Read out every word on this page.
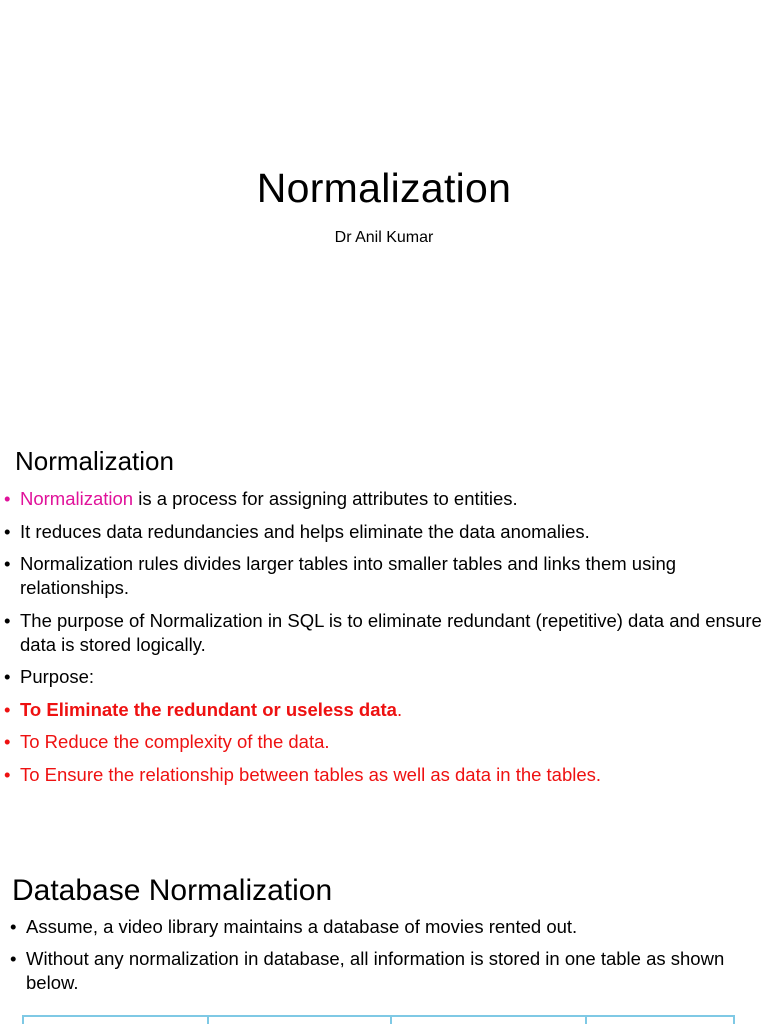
Normalization
Dr Anil Kumar
Normalization
• Normalization is a process for assigning attributes to entities.
• It reduces data redundancies and helps eliminate the data anomalies.
• Normalization rules divides larger tables into smaller tables and links them using relationships.
• The purpose of Normalization in SQL is to eliminate redundant (repetitive) data and ensure data is stored logically.
• Purpose:
• To Eliminate the redundant or useless data.
• To Reduce the complexity of the data.
• To Ensure the relationship between tables as well as data in the tables.
Database Normalization
• Assume, a video library maintains a database of movies rented out.
• Without any normalization in database, all information is stored in one table as shown below.
